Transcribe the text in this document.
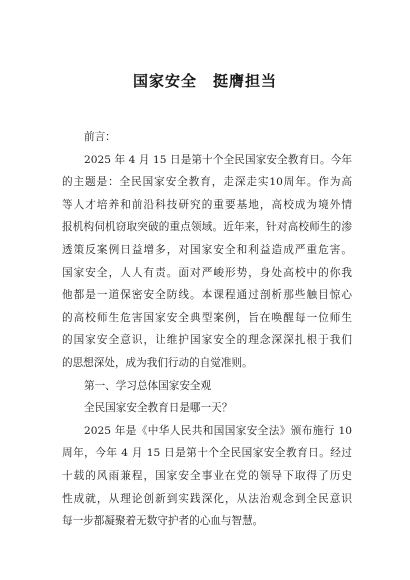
国家安全　挺膺担当
前言：
2025 年 4 月 15 日是第十个全民国家安全教育日。今年
的主题是：全民国家安全教育，走深走实10周年。作为高
等人才培养和前沿科技研究的重要基地，高校成为境外情
报机构伺机窃取突破的重点领域。近年来，针对高校师生的渗
透策反案例日益增多，对国家安全和利益造成严重危害。
国家安全，人人有责。面对严峻形势，身处高校中的你我
他都是一道保密安全防线。本课程通过剖析那些触目惊心
的高校师生危害国家安全典型案例，旨在唤醒每一位师生
的国家安全意识，让维护国家安全的理念深深扎根于我们
的思想深处，成为我们行动的自觉准则。
第一、学习总体国家安全观
全民国家安全教育日是哪一天？
2025 年是《中华人民共和国国家安全法》颁布施行 10
周年，今年 4 月 15 日是第十个全民国家安全教育日。经过
十载的风雨兼程，国家安全事业在党的领导下取得了历史
性成就，从理论创新到实践深化，从法治观念到全民意识
每一步都凝聚着无数守护者的心血与智慧。
